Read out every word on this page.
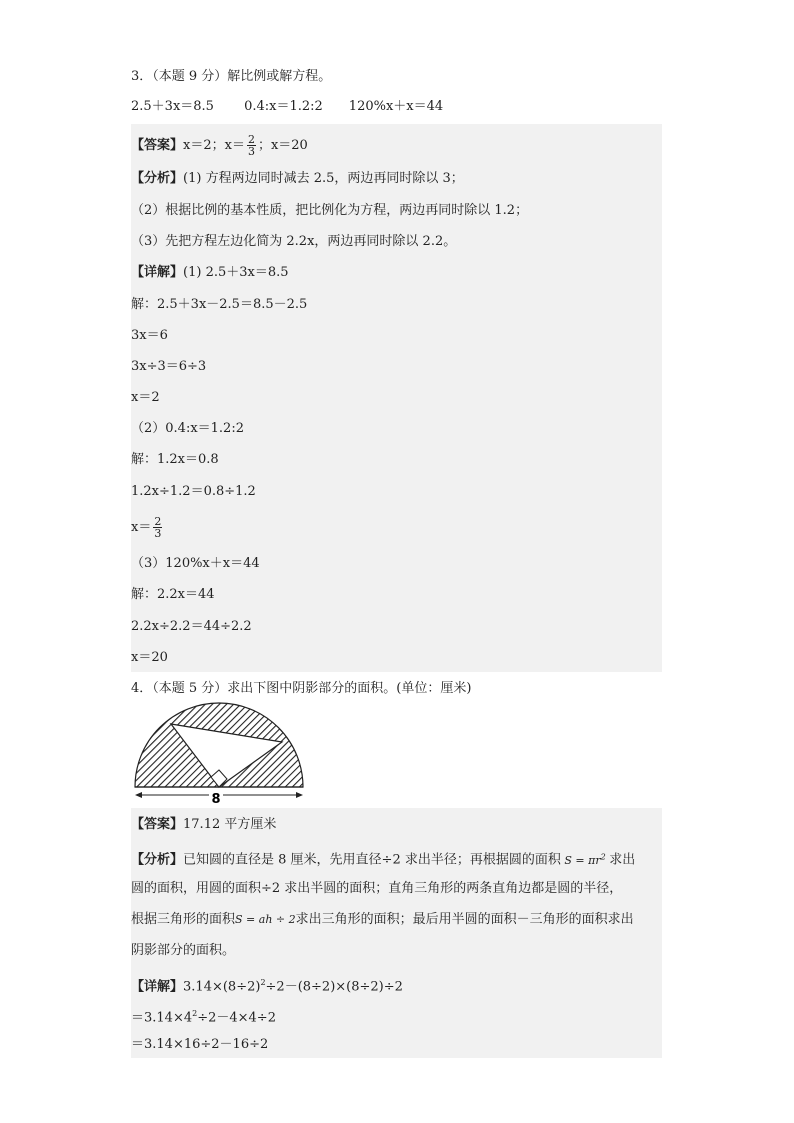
3．（本题 9 分）解比例或解方程。
2.5＋3x＝8.5　　 0.4:x＝1.2:2　　120%x＋x＝44
【答案】x＝2；$x= \frac{2}{3}$ ；x＝20
【分析】(1) 方程两边同时减去 2.5，两边再同时除以 3；
（2）根据比例的基本性质，把比例化为方程，两边再同时除以 1.2；
（3）先把方程左边化简为 2.2x，两边再同时除以 2.2。
【详解】(1) 2.5＋3x＝8.5
解：2.5＋3x－2.5＝8.5－2.5
3x＝6
3x÷3＝6÷3
x＝2
（2）0.4:x＝1.2:2
解：1.2x＝0.8
1.2x÷1.2＝0.8÷1.2
$x= \frac{2}{3}$
（3）120%x＋x＝44
解：2.2x＝44
2.2x÷2.2＝44÷2.2
x＝20
4．（本题 5 分）求出下图中阴影部分的面积。(单位：厘米)
8
【答案】17.12 平方厘米
【分析】已知圆的直径是 8 厘米，先用直径÷2 求出半径；再根据圆的面积 $S = \pi r^2$ 求出
圆的面积，用圆的面积÷2 求出半圆的面积；直角三角形的两条直角边都是圆的半径，
根据三角形的面积S = ah ÷ 2求出三角形的面积；最后用半圆的面积－三角形的面积求出
阴影部分的面积。
【详解】$3.14\times(8\div 2)^2\div 2-(8\div 2)\times(8\div 2)\div 2$
$=3.14\times 4^2\div 2-4\times 4\div 2$
＝3.14×16÷2－16÷2
